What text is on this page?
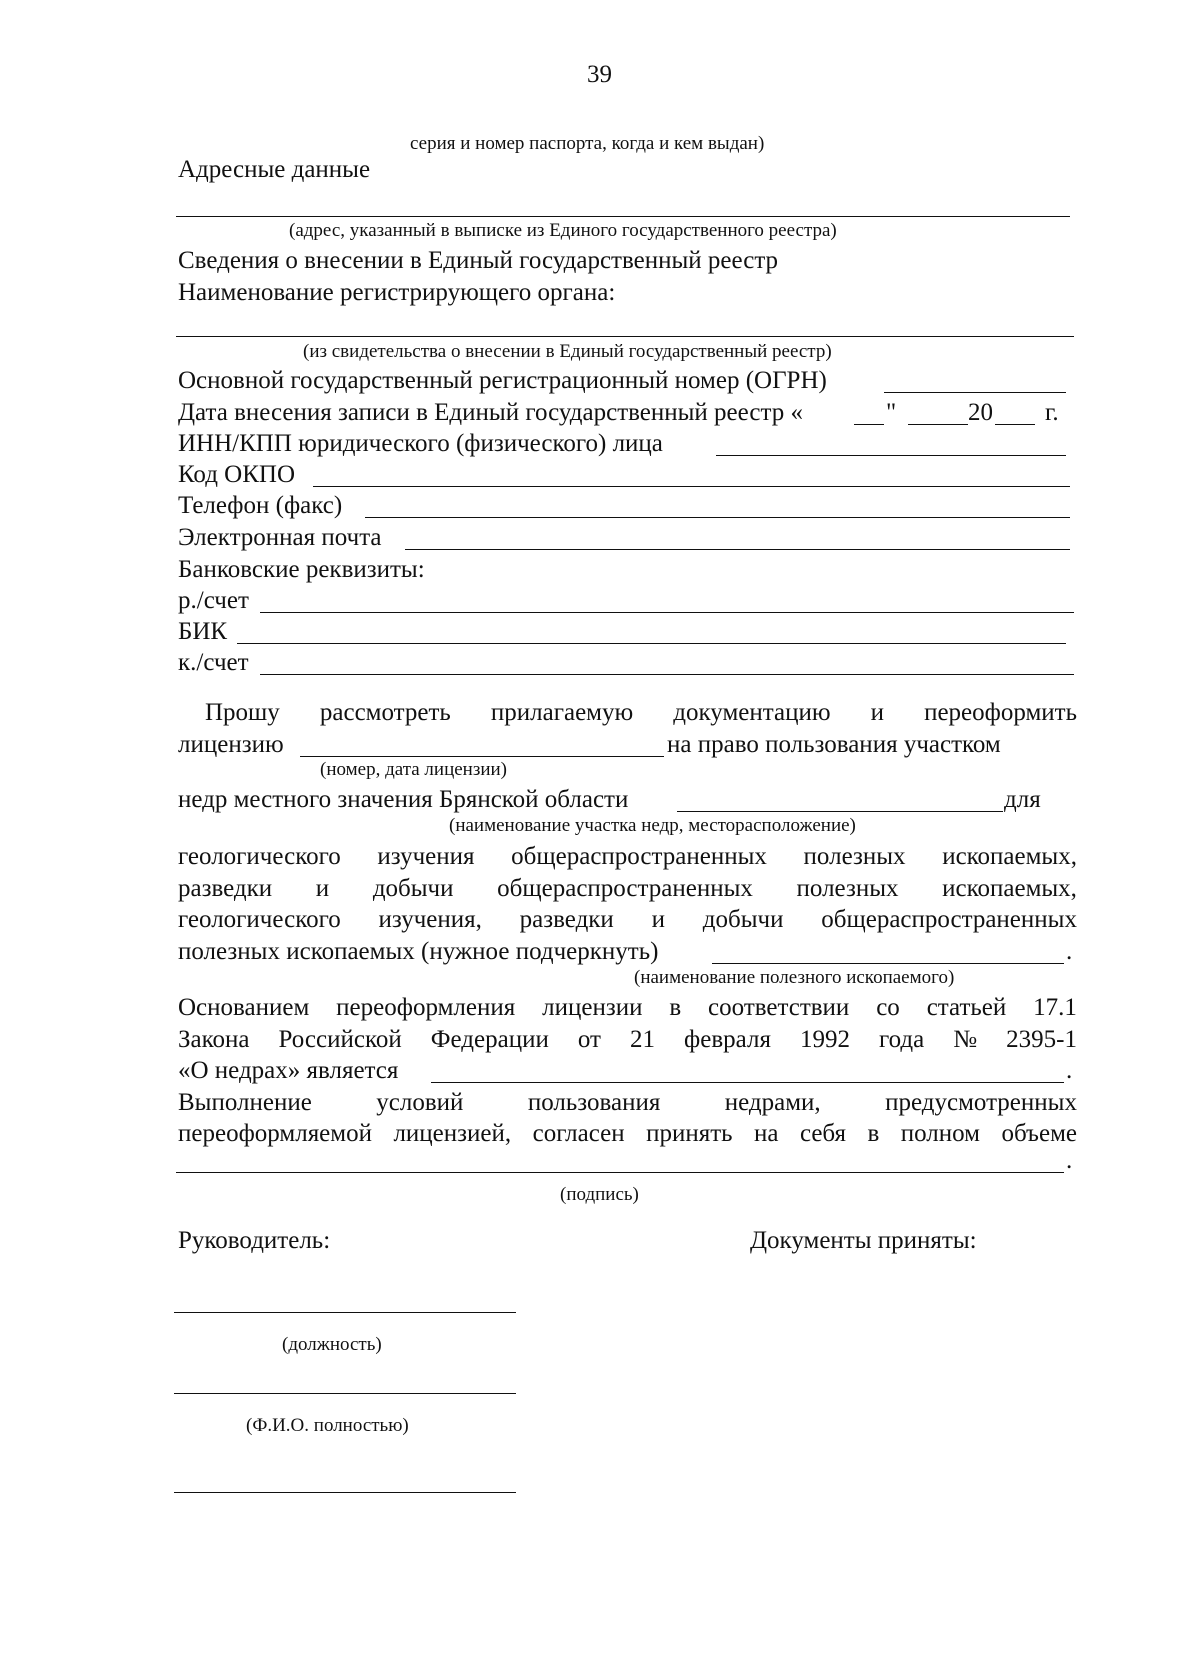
39
серия и номер паспорта, когда и кем выдан)
Адресные данные
(адрес, указанный в выписке из Единого государственного реестра)
Сведения о внесении в Единый государственный реестр
Наименование регистрирующего органа:
(из свидетельства о внесении в Единый государственный реестр)
Основной государственный регистрационный номер (ОГРН)
Дата внесения записи в Единый государственный реестр «	"	20 г.
ИНН/КПП юридического (физического) лица
Код ОКПО
Телефон (факс)
Электронная почта
Банковские реквизиты:
р./счет
БИК
к./счет
Прошу рассмотреть прилагаемую документацию и переоформить
лицензию	на право пользования участком
(номер, дата лицензии)
недр местного значения Брянской области	для
(наименование участка недр, месторасположение)
геологического изучения общераспространенных полезных ископаемых,
разведки и добычи общераспространенных полезных ископаемых,
геологического изучения, разведки и добычи общераспространенных
полезных ископаемых (нужное подчеркнуть)	.
(наименование полезного ископаемого)
Основанием переоформления лицензии в соответствии со статьей 17.1
Закона Российской Федерации от 21 февраля 1992 года № 2395-1
«О недрах» является	.
Выполнение	условий	пользования	недрами,	предусмотренных
переоформляемой лицензией, согласен принять на себя в полном объеме
.
(подпись)
Руководитель:	Документы приняты:
(должность)
(Ф.И.О. полностью)
